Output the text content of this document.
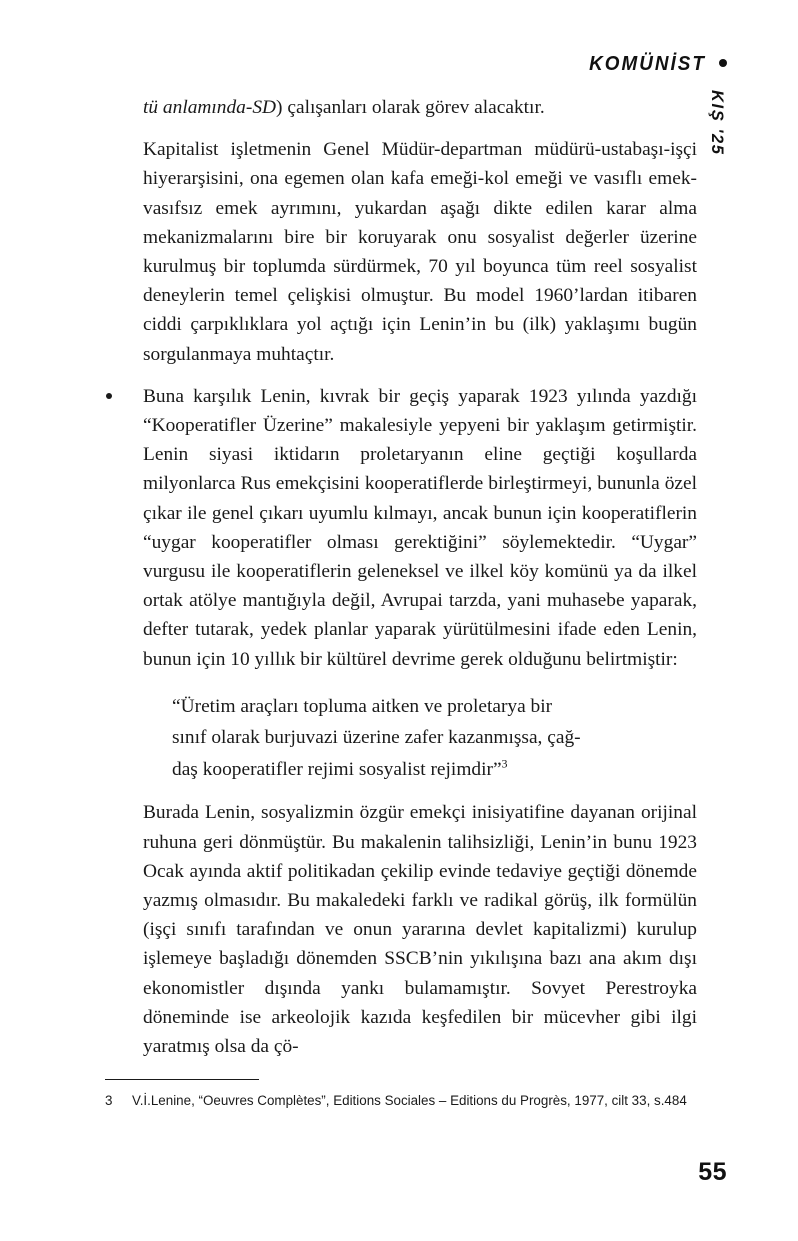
KOMÜNİST
KIŞ '25

tü anlamında-SD) çalışanları olarak görev alacaktır.

Kapitalist işletmenin Genel Müdür-departman müdürü-ustabaşı-işçi hiyerarşisini, ona egemen olan kafa emeği-kol emeği ve vasıflı emek-vasıfsız emek ayrımını, yukardan aşağı dikte edilen karar alma mekanizmalarını bire bir koruyarak onu sosyalist değerler üzerine kurulmuş bir toplumda sürdürmek, 70 yıl boyunca tüm reel sosyalist deneylerin temel çelişkisi olmuştur. Bu model 1960’lardan itibaren ciddi çarpıklıklara yol açtığı için Lenin’in bu (ilk) yaklaşımı bugün sorgulanmaya muhtaçtır.

Buna karşılık Lenin, kıvrak bir geçiş yaparak 1923 yılında yazdığı “Kooperatifler Üzerine” makalesiyle yepyeni bir yaklaşım getirmiştir. Lenin siyasi iktidarın proletaryanın eline geçtiği koşullarda milyonlarca Rus emekçisini kooperatiflerde birleştirmeyi, bununla özel çıkar ile genel çıkarı uyumlu kılmayı, ancak bunun için kooperatiflerin “uygar kooperatifler olması gerektiğini” söylemektedir. “Uygar” vurgusu ile kooperatiflerin geleneksel ve ilkel köy komünü ya da ilkel ortak atölye mantığıyla değil, Avrupai tarzda, yani muhasebe yaparak, defter tutarak, yedek planlar yaparak yürütülmesini ifade eden Lenin, bunun için 10 yıllık bir kültürel devrime gerek olduğunu belirtmiştir:

“Üretim araçları topluma aitken ve proletarya bir

sınıf olarak burjuvazi üzerine zafer kazanmışsa, çağ-

daş kooperatifler rejimi sosyalist rejimdir”$^3$

Burada Lenin, sosyalizmin özgür emekçi inisiyatifine dayanan orijinal ruhuna geri dönmüştür. Bu makalenin talihsizliği, Lenin’in bunu 1923 Ocak ayında aktif politikadan çekilip evinde tedaviye geçtiği dönemde yazmış olmasıdır. Bu makaledeki farklı ve radikal görüş, ilk formülün (işçi sınıfı tarafından ve onun yararına devlet kapitalizmi) kurulup işlemeye başladığı dönemden SSCB’nin yıkılışına bazı ana akım dışı ekonomistler dışında yankı bulamamıştır. Sovyet Perestroyka döneminde ise arkeolojik kazıda keşfedilen bir mücevher gibi ilgi yaratmış olsa da çö-

3 V.İ.Lenine, “Oeuvres Complètes”, Editions Sociales – Editions du Progrès, 1977, cilt 33, s.484
55
